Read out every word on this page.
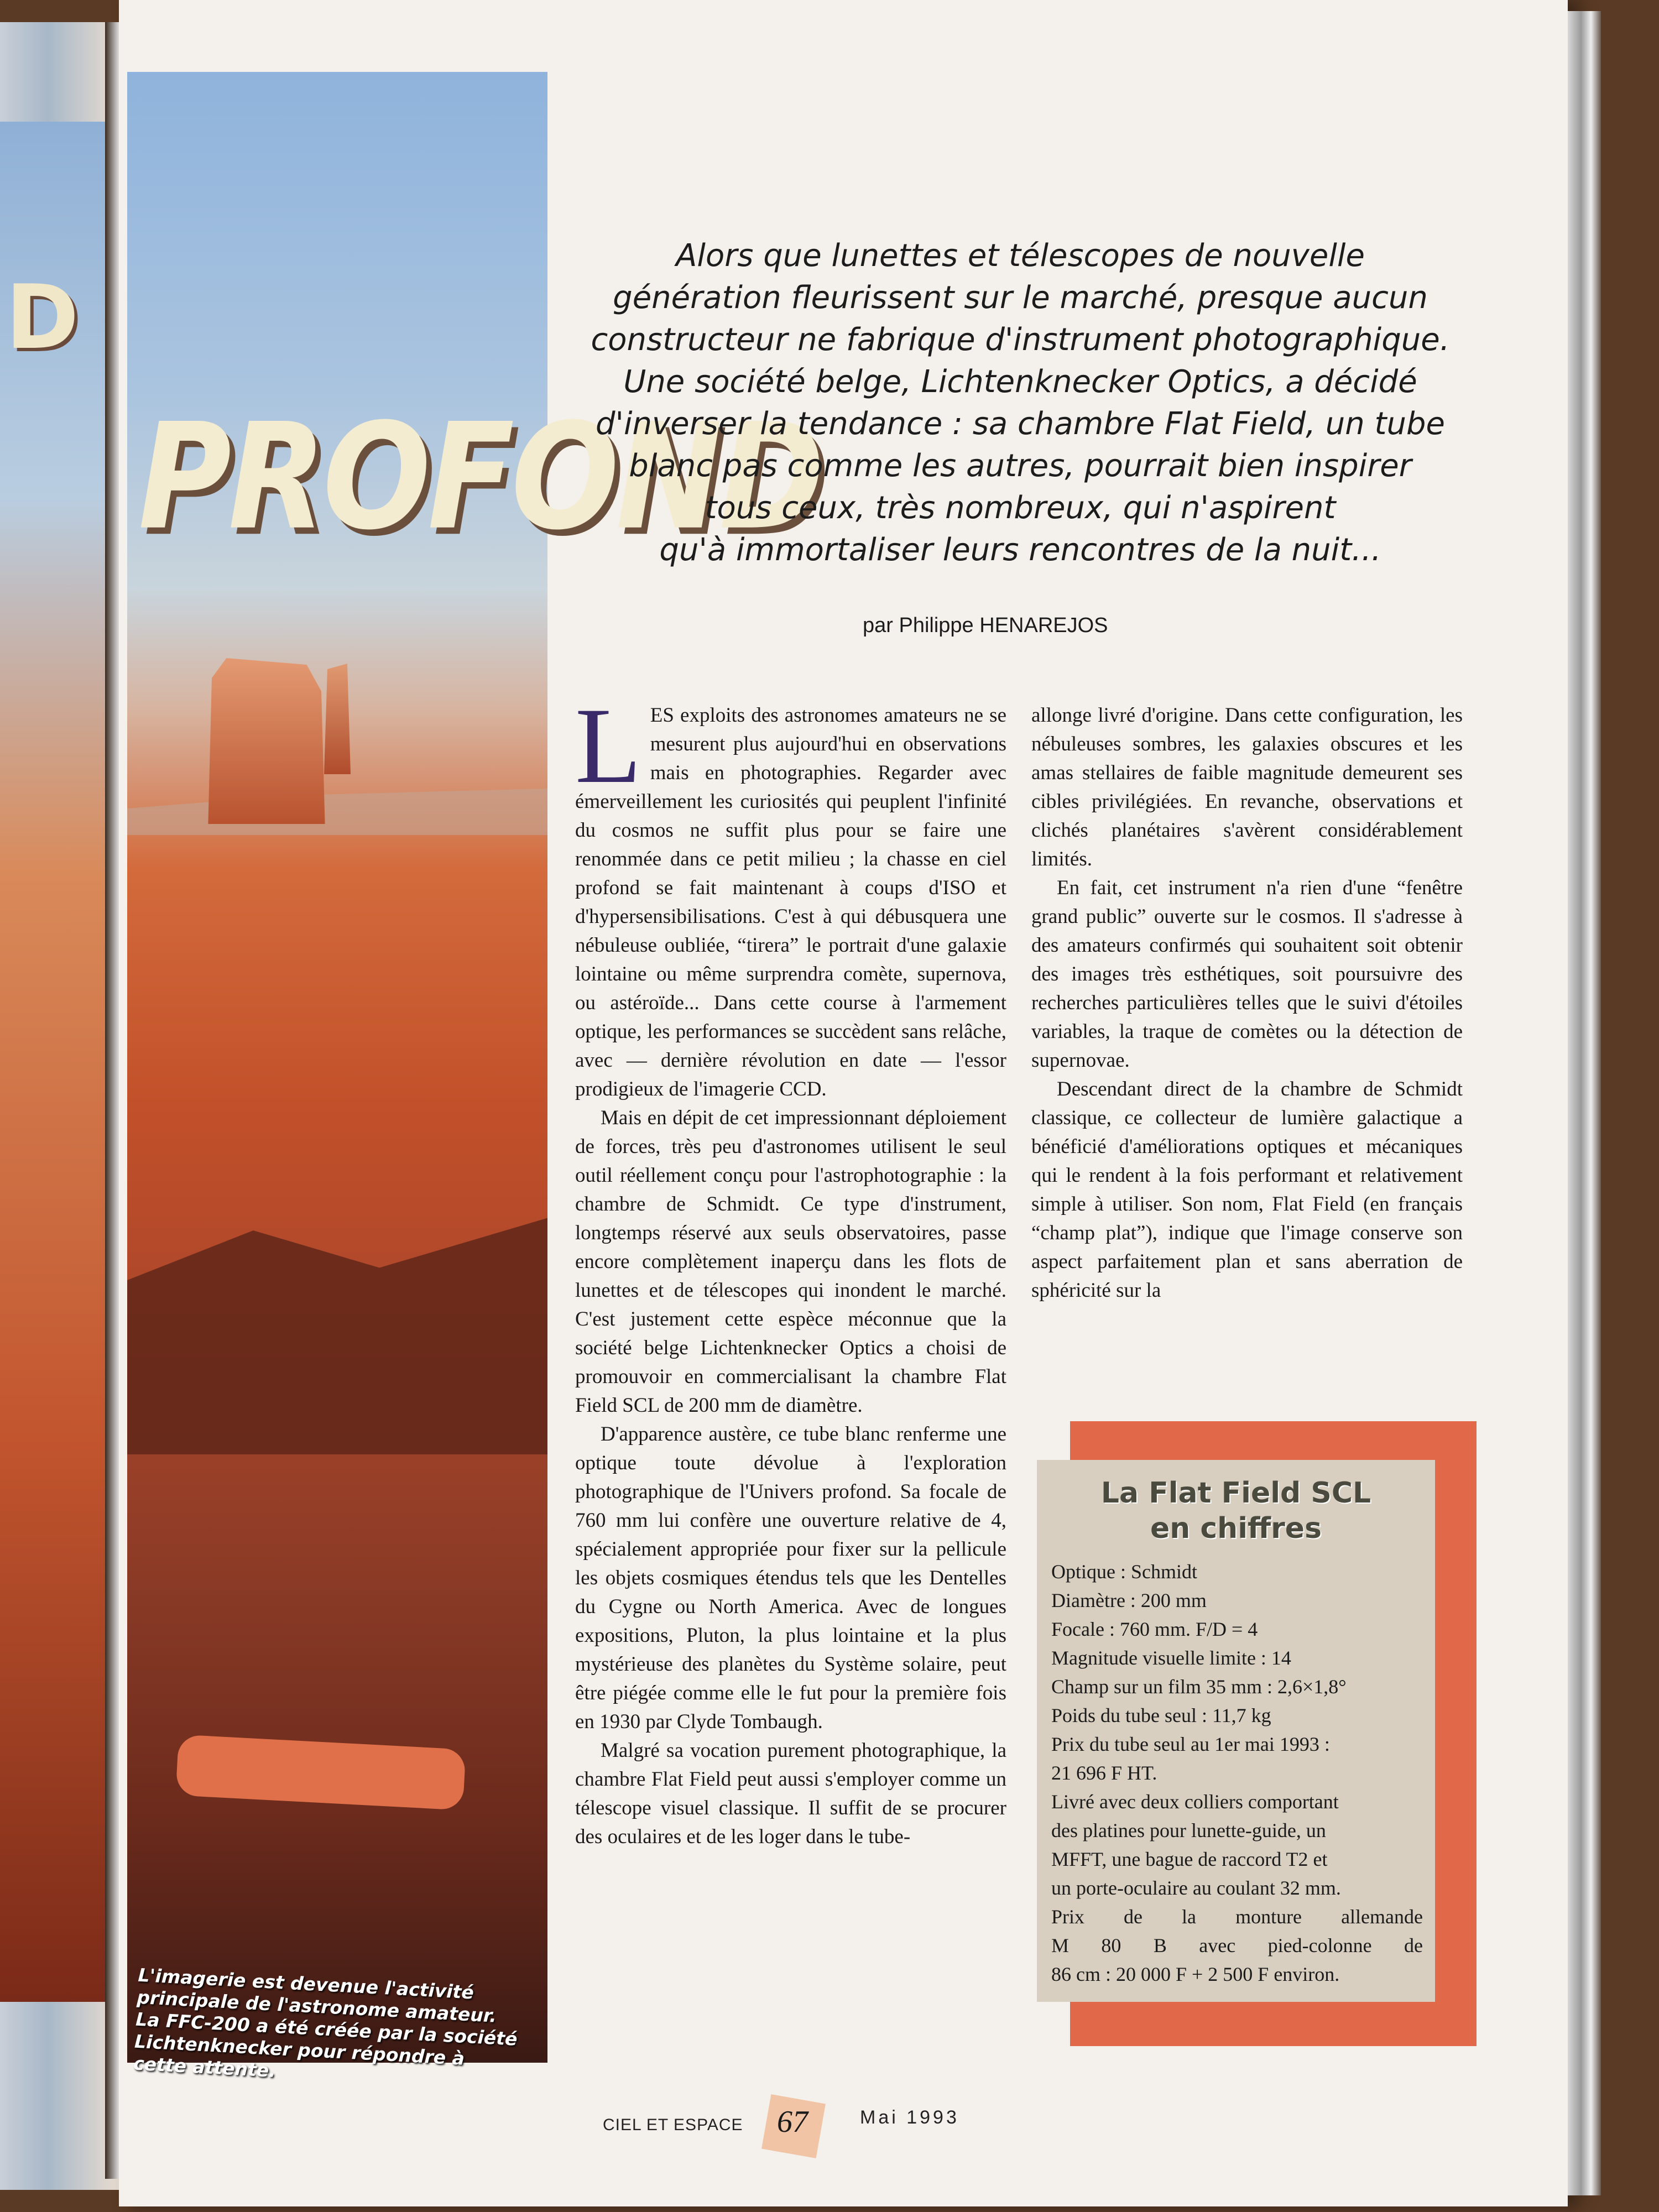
D
PROFOND
L'imagerie est devenue l'activité principale de l'astronome amateur. La FFC-200 a été créée par la société Lichtenknecker pour répondre à cette attente.
Alors que lunettes et télescopes de nouvelle
génération fleurissent sur le marché, presque aucun
constructeur ne fabrique d'instrument photographique.
Une société belge, Lichtenknecker Optics, a décidé
d'inverser la tendance : sa chambre Flat Field, un tube
blanc pas comme les autres, pourrait bien inspirer
tous ceux, très nombreux, qui n'aspirent
qu'à immortaliser leurs rencontres de la nuit...
par Philippe HENAREJOS
L ES exploits des astronomes amateurs ne se mesurent plus aujourd'hui en observations mais en photographies. Regarder avec émerveillement les curiosités qui peuplent l'infinité du cosmos ne suffit plus pour se faire une renommée dans ce petit milieu ; la chasse en ciel profond se fait maintenant à coups d'ISO et d'hypersensibilisations. C'est à qui débusquera une nébuleuse oubliée, “tirera” le portrait d'une galaxie lointaine ou même surprendra comète, supernova, ou astéroïde... Dans cette course à l'armement optique, les performances se succèdent sans relâche, avec — dernière révolution en date — l'essor prodigieux de l'imagerie CCD.

Mais en dépit de cet impressionnant déploiement de forces, très peu d'astronomes utilisent le seul outil réellement conçu pour l'astrophotographie : la chambre de Schmidt. Ce type d'instrument, longtemps réservé aux seuls observatoires, passe encore complètement inaperçu dans les flots de lunettes et de télescopes qui inondent le marché. C'est justement cette espèce méconnue que la société belge Lichtenknecker Optics a choisi de promouvoir en commercialisant la chambre Flat Field SCL de 200 mm de diamètre.

D'apparence austère, ce tube blanc renferme une optique toute dévolue à l'exploration photographique de l'Univers profond. Sa focale de 760 mm lui confère une ouverture relative de 4, spécialement appropriée pour fixer sur la pellicule les objets cosmiques étendus tels que les Dentelles du Cygne ou North America. Avec de longues expositions, Pluton, la plus lointaine et la plus mystérieuse des planètes du Système solaire, peut être piégée comme elle le fut pour la première fois en 1930 par Clyde Tombaugh.

Malgré sa vocation purement photographique, la chambre Flat Field peut aussi s'employer comme un télescope visuel classique. Il suffit de se procurer des oculaires et de les loger dans le tube-

allonge livré d'origine. Dans cette configuration, les nébuleuses sombres, les galaxies obscures et les amas stellaires de faible magnitude demeurent ses cibles privilégiées. En revanche, observations et clichés planétaires s'avèrent considérablement limités.

En fait, cet instrument n'a rien d'une “fenêtre grand public” ouverte sur le cosmos. Il s'adresse à des amateurs confirmés qui souhaitent soit obtenir des images très esthétiques, soit poursuivre des recherches particulières telles que le suivi d'étoiles variables, la traque de comètes ou la détection de supernovae.

Descendant direct de la chambre de Schmidt classique, ce collecteur de lumière galactique a bénéficié d'améliorations optiques et mécaniques qui le rendent à la fois performant et relativement simple à utiliser. Son nom, Flat Field (en français “champ plat”), indique que l'image conserve son aspect parfaitement plan et sans aberration de sphéricité sur la

La Flat Field SCL
en chiffres
Optique : Schmidt
Diamètre : 200 mm
Focale : 760 mm. F/D = 4
Magnitude visuelle limite : 14
Champ sur un film 35 mm : 2,6×1,8°
Poids du tube seul : 11,7 kg
Prix du tube seul au 1er mai 1993 :
21 696 F HT.
Livré avec deux colliers comportant
des platines pour lunette-guide, un
MFFT, une bague de raccord T2 et
un porte-oculaire au coulant 32 mm.
Prix de la monture allemande
M 80 B avec pied-colonne de
86 cm : 20 000 F + 2 500 F environ.
CIEL ET ESPACE 67	Mai 1993
